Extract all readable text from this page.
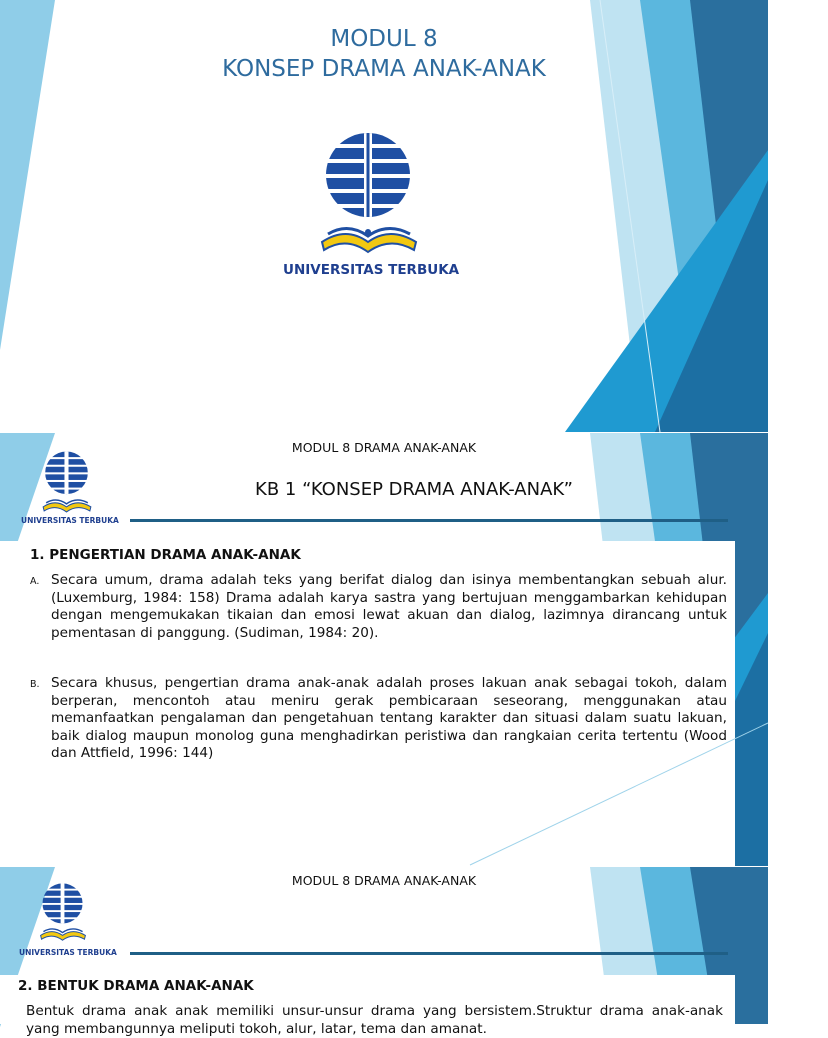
MODUL 8
KONSEP DRAMA ANAK-ANAK
UNIVERSITAS TERBUKA
UNIVERSITAS TERBUKA
MODUL 8 DRAMA ANAK-ANAK
KB 1 “KONSEP DRAMA ANAK-ANAK”
1. PENGERTIAN DRAMA ANAK-ANAK
A. Secara umum, drama adalah teks yang berifat dialog dan isinya membentangkan sebuah alur. (Luxemburg, 1984: 158) Drama adalah karya sastra yang bertujuan menggambarkan kehidupan dengan mengemukakan tikaian dan emosi lewat akuan dan dialog, lazimnya dirancang untuk pementasan di panggung. (Sudiman, 1984: 20).
B. Secara khusus, pengertian drama anak-anak adalah proses lakuan anak sebagai tokoh, dalam berperan, mencontoh atau meniru gerak pembicaraan seseorang, menggunakan atau memanfaatkan pengalaman dan pengetahuan tentang karakter dan situasi dalam suatu lakuan, baik dialog maupun monolog guna menghadirkan peristiwa dan rangkaian cerita tertentu (Wood dan Attfield, 1996: 144)
UNIVERSITAS TERBUKA
MODUL 8 DRAMA ANAK-ANAK
2. BENTUK DRAMA ANAK-ANAK
Bentuk drama anak anak memiliki unsur-unsur drama yang bersistem.Struktur drama anak-anak yang membangunnya meliputi tokoh, alur, latar, tema dan amanat.
